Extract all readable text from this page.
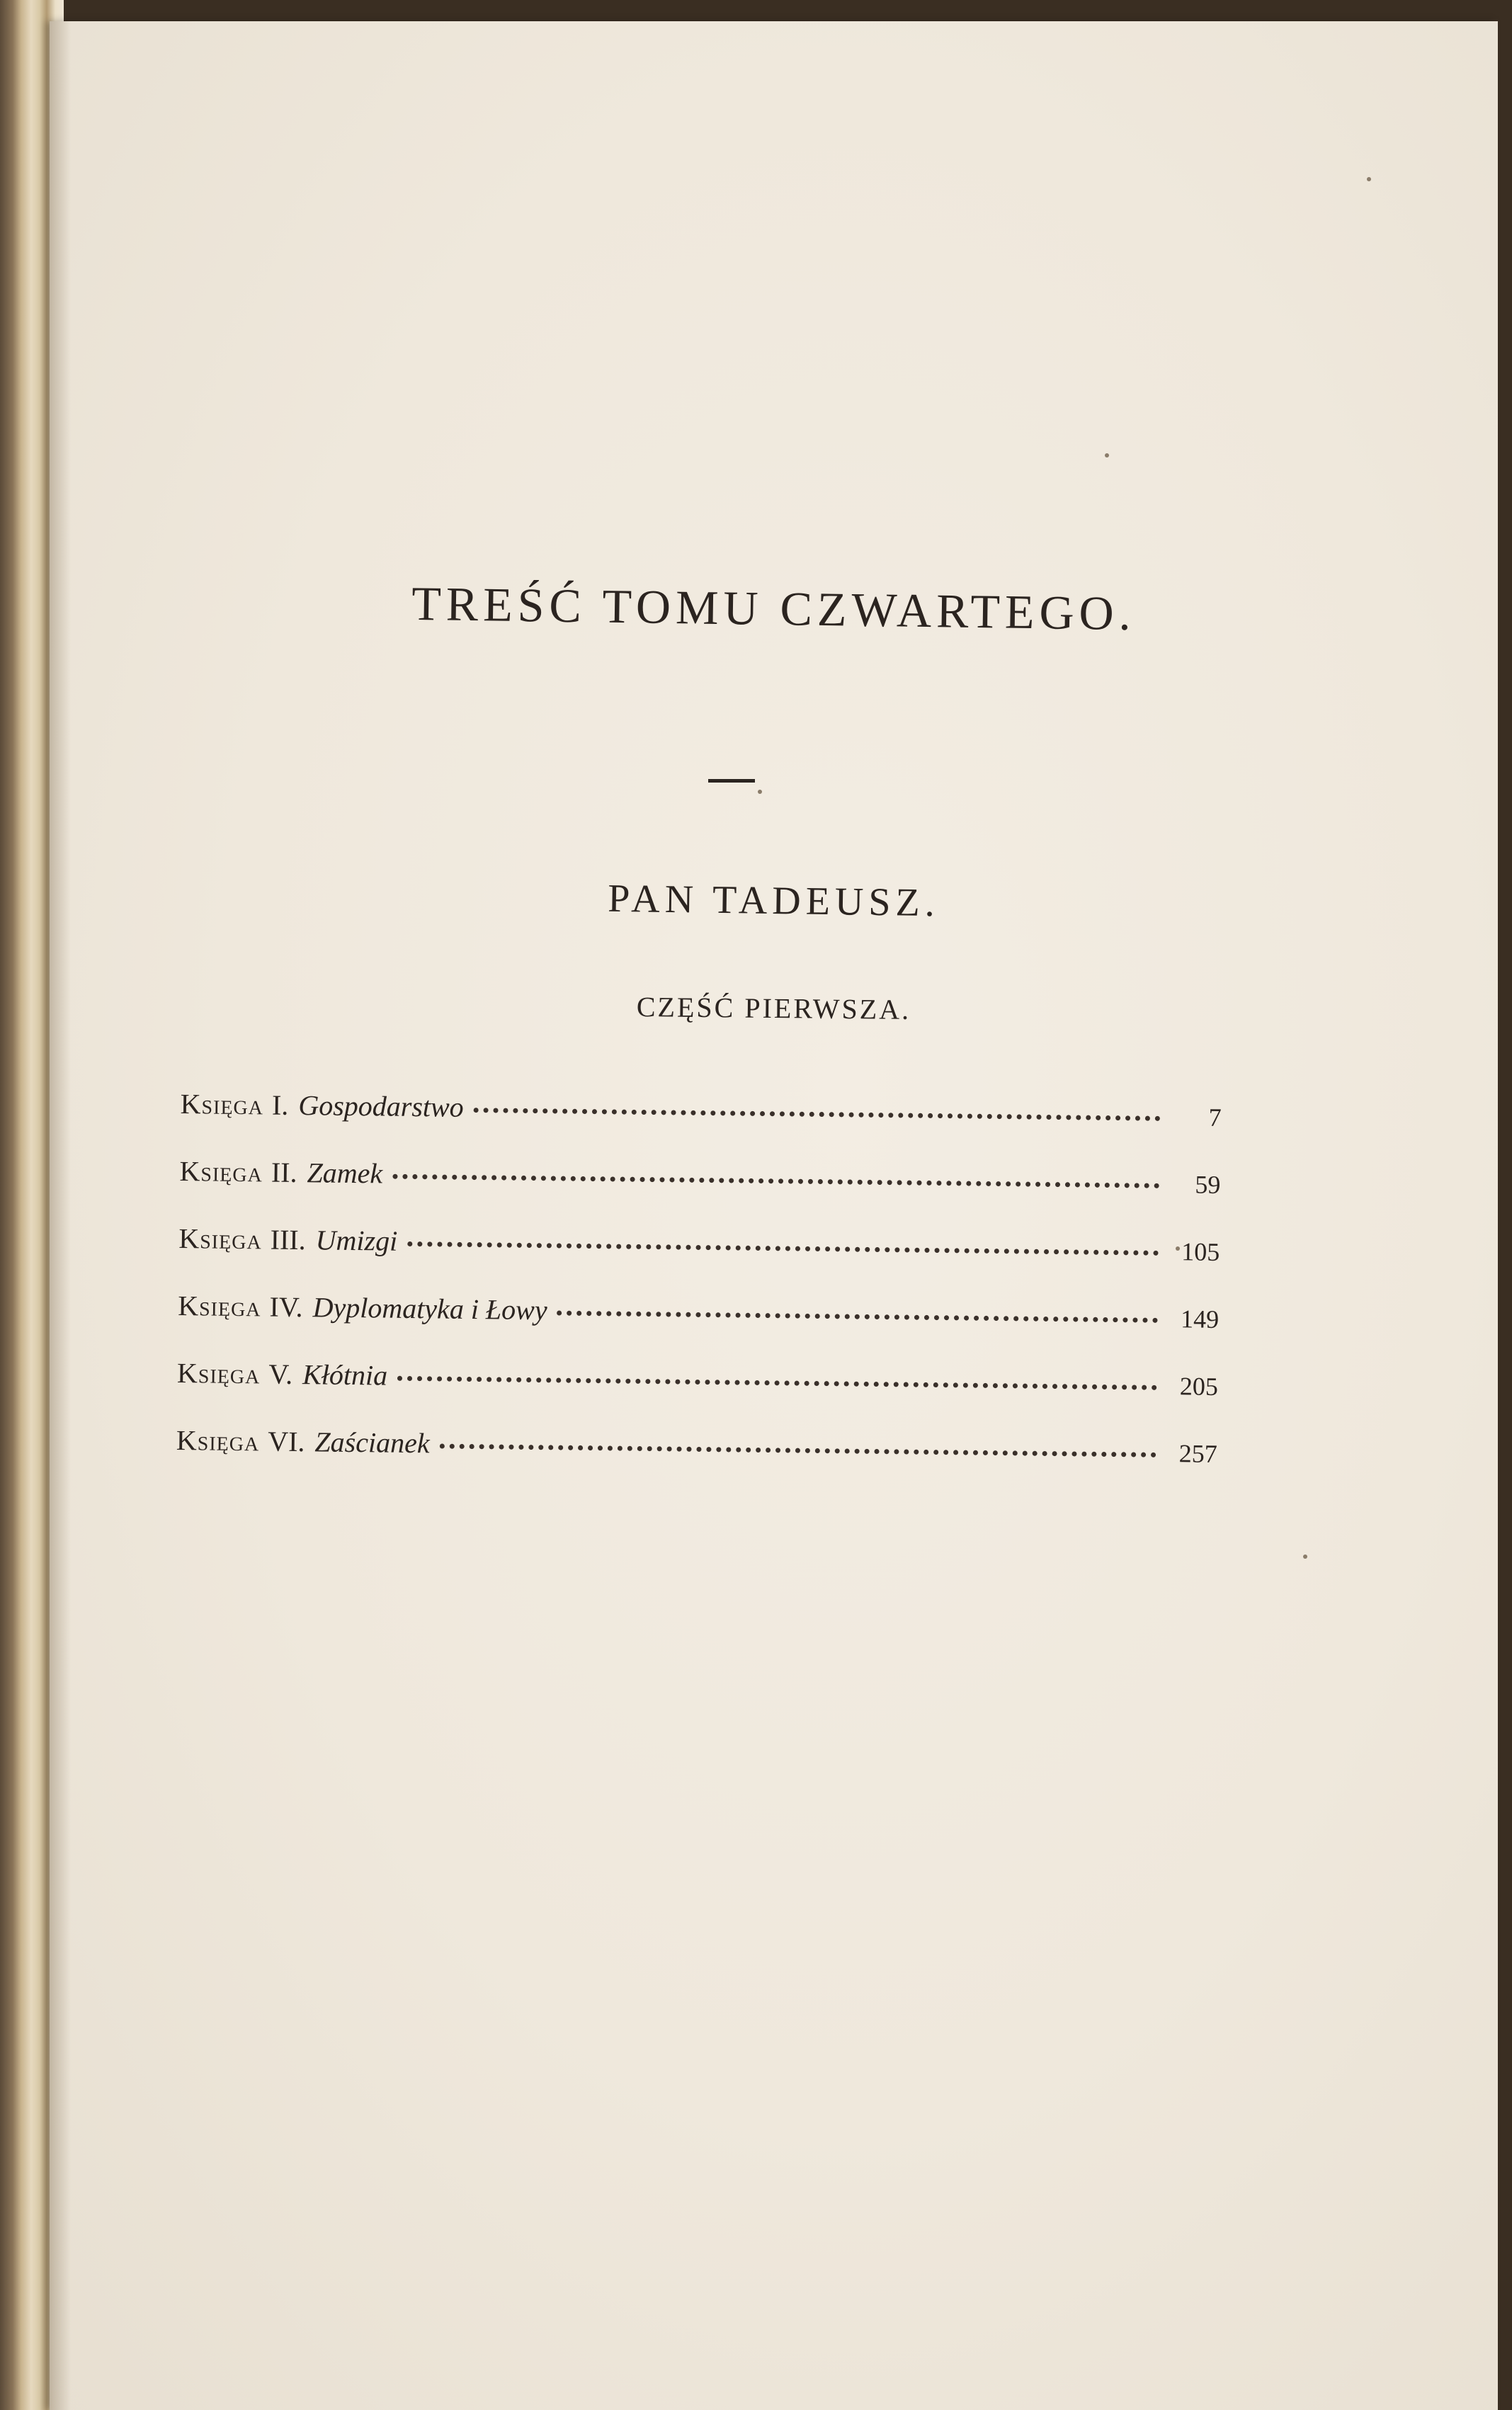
TREŚĆ TOMU CZWARTEGO.
PAN TADEUSZ.
CZĘŚĆ PIERWSZA.
Księga I. Gospodarstwo	7
Księga II. Zamek	59
Księga III. Umizgi	105
Księga IV. Dyplomatyka i Łowy	149
Księga V. Kłótnia	205
Księga VI. Zaścianek	257
